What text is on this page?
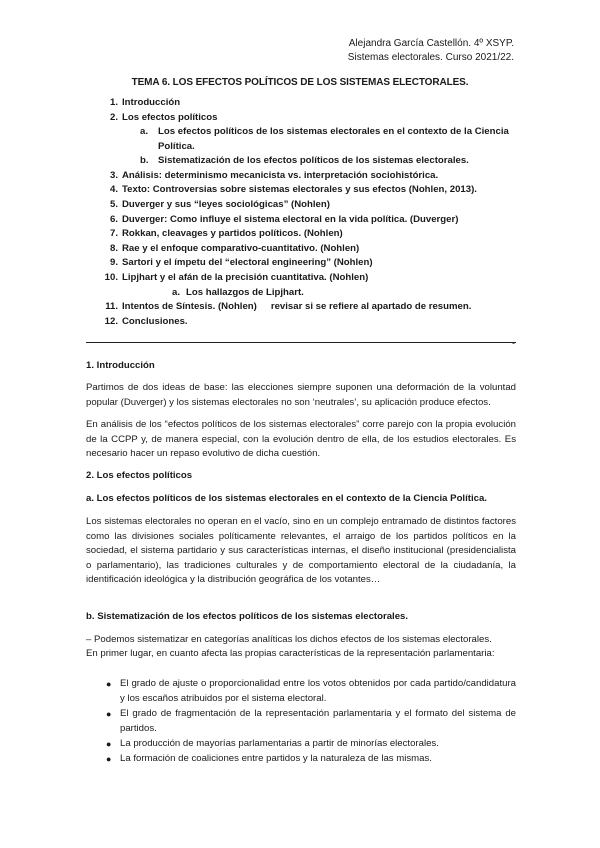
Alejandra García Castellón. 4º XSYP.
Sistemas electorales. Curso 2021/22.
TEMA 6. LOS EFECTOS POLÍTICOS DE LOS SISTEMAS ELECTORALES.
1. Introducción
2. Los efectos políticos
a. Los efectos políticos de los sistemas electorales en el contexto de la Ciencia Política.
b. Sistematización de los efectos políticos de los sistemas electorales.
3. Análisis: determinismo mecanicista vs. interpretación sociohistórica.
4. Texto: Controversias sobre sistemas electorales y sus efectos (Nohlen, 2013).
5. Duverger y sus “leyes sociológicas” (Nohlen)
6. Duverger: Como influye el sistema electoral en la vida política. (Duverger)
7. Rokkan, cleavages y partidos políticos. (Nohlen)
8. Rae y el enfoque comparativo-cuantitativo. (Nohlen)
9. Sartori y el ímpetu del “electoral engineering” (Nohlen)
10. Lipjhart y el afán de la precisión cuantitativa. (Nohlen)
a. Los hallazgos de Lipjhart.
11. Intentos de Síntesis. (Nohlen) revisar si se refiere al apartado de resumen.
12. Conclusiones.
-
1. Introducción
Partimos de dos ideas de base: las elecciones siempre suponen una deformación de la voluntad popular (Duverger) y los sistemas electorales no son ‘neutrales’, su aplicación produce efectos.
En análisis de los “efectos políticos de los sistemas electorales” corre parejo con la propia evolución de la CCPP y, de manera especial, con la evolución dentro de ella, de los estudios electorales. Es necesario hacer un repaso evolutivo de dicha cuestión.
2. Los efectos políticos
a. Los efectos políticos de los sistemas electorales en el contexto de la Ciencia Política.
Los sistemas electorales no operan en el vacío, sino en un complejo entramado de distintos factores como las divisiones sociales políticamente relevantes, el arraigo de los partidos políticos en la sociedad, el sistema partidario y sus características internas, el diseño institucional (presidencialista o parlamentario), las tradiciones culturales y de comportamiento electoral de la ciudadanía, la identificación ideológica y la distribución geográfica de los votantes…
b. Sistematización de los efectos políticos de los sistemas electorales.
– Podemos sistematizar en categorías analíticas los dichos efectos de los sistemas electorales.
En primer lugar, en cuanto afecta las propias características de la representación parlamentaria:
● El grado de ajuste o proporcionalidad entre los votos obtenidos por cada partido/candidatura y los escaños atribuidos por el sistema electoral.
● El grado de fragmentación de la representación parlamentaria y el formato del sistema de partidos.
● La producción de mayorías parlamentarias a partir de minorías electorales.
● La formación de coaliciones entre partidos y la naturaleza de las mismas.
